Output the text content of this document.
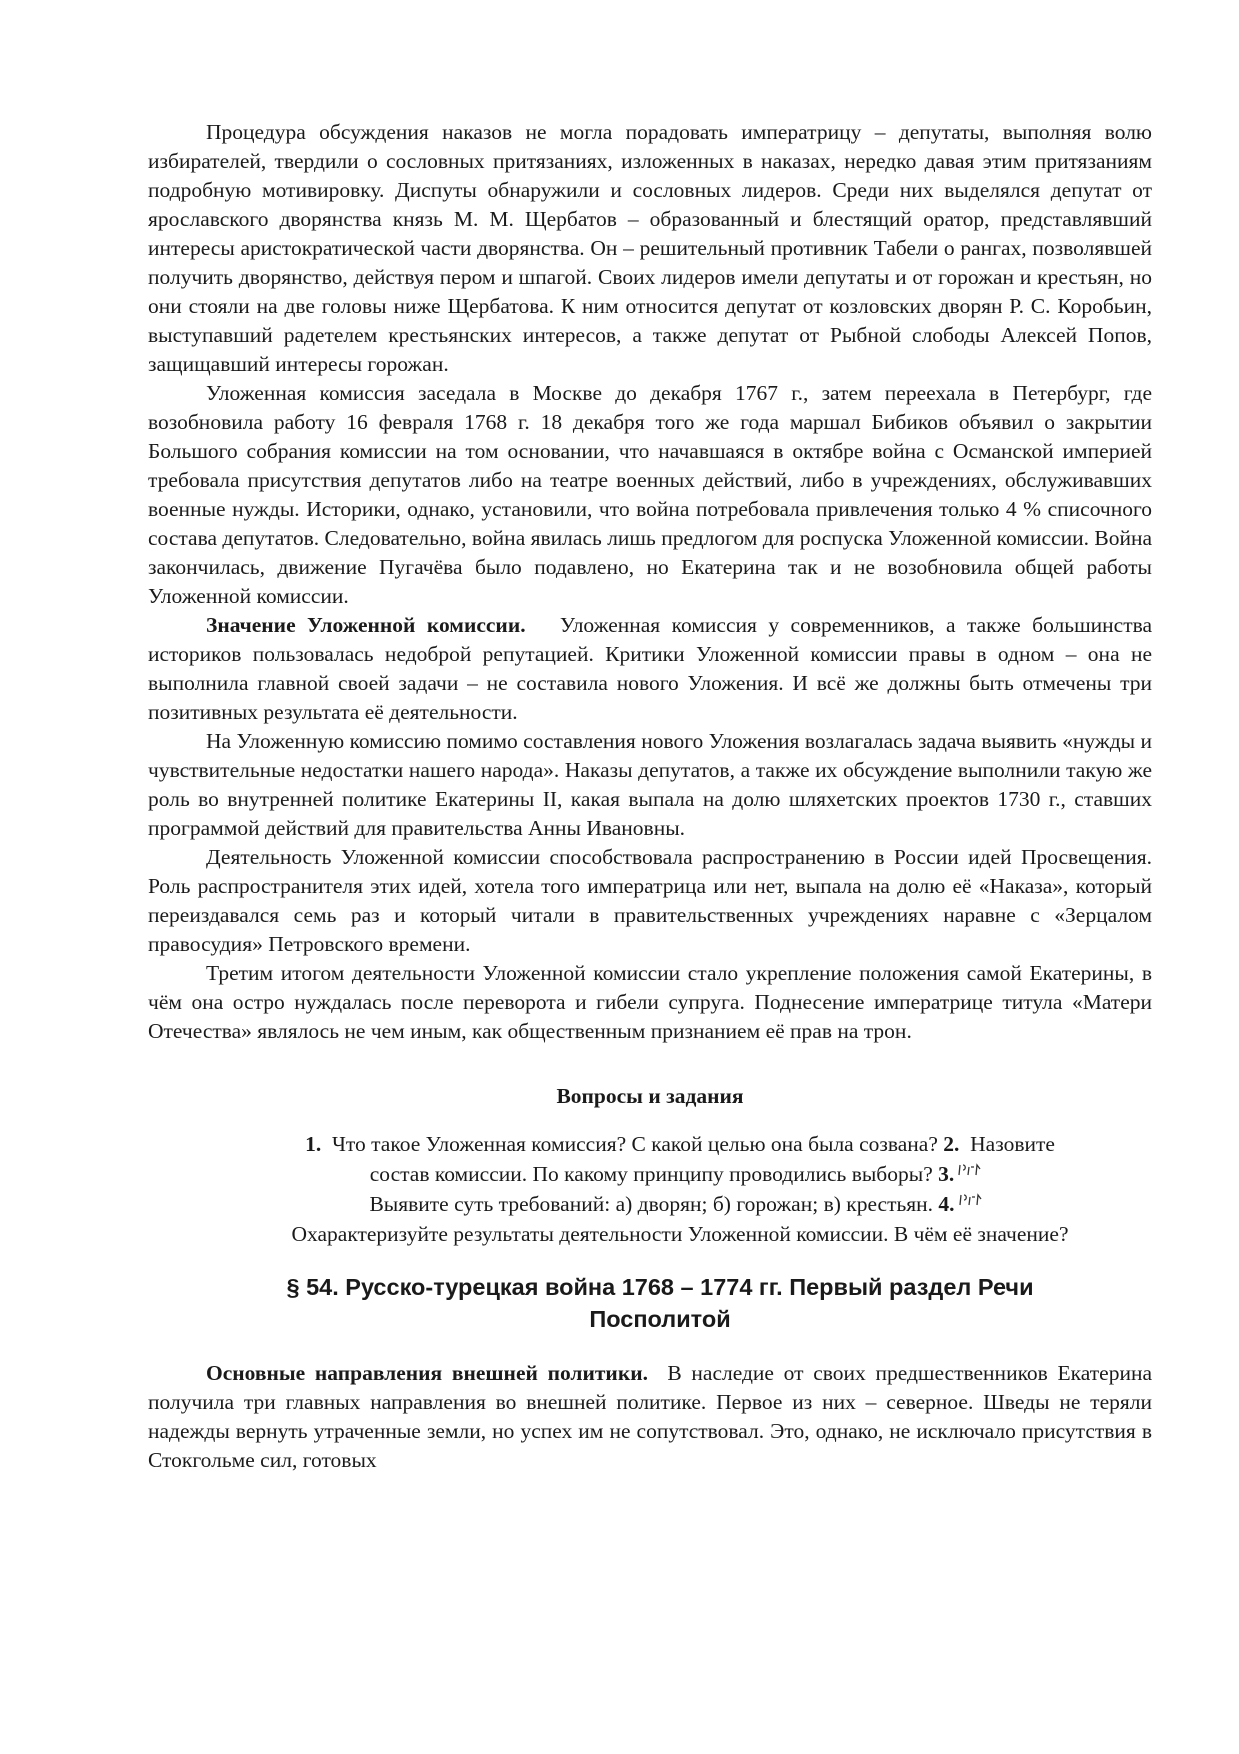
Процедура обсуждения наказов не могла порадовать императрицу – депутаты, выполняя волю избирателей, твердили о сословных притязаниях, изложенных в наказах, нередко давая этим притязаниям подробную мотивировку. Диспуты обнаружили и сословных лидеров. Среди них выделялся депутат от ярославского дворянства князь М. М. Щербатов – образованный и блестящий оратор, представлявший интересы аристократической части дворянства. Он – решительный противник Табели о рангах, позволявшей получить дворянство, действуя пером и шпагой. Своих лидеров имели депутаты и от горожан и крестьян, но они стояли на две головы ниже Щербатова. К ним относится депутат от козловских дворян Р. С. Коробьин, выступавший радетелем крестьянских интересов, а также депутат от Рыбной слободы Алексей Попов, защищавший интересы горожан.

Уложенная комиссия заседала в Москве до декабря 1767 г., затем переехала в Петербург, где возобновила работу 16 февраля 1768 г. 18 декабря того же года маршал Бибиков объявил о закрытии Большого собрания комиссии на том основании, что начавшаяся в октябре война с Османской империей требовала присутствия депутатов либо на театре военных действий, либо в учреждениях, обслуживавших военные нужды. Историки, однако, установили, что война потребовала привлечения только 4 % списочного состава депутатов. Следовательно, война явилась лишь предлогом для роспуска Уложенной комиссии. Война закончилась, движение Пугачёва было подавлено, но Екатерина так и не возобновила общей работы Уложенной комиссии.

Значение Уложенной комиссии. Уложенная комиссия у современников, а также большинства историков пользовалась недоброй репутацией. Критики Уложенной комиссии правы в одном – она не выполнила главной своей задачи – не составила нового Уложения. И всё же должны быть отмечены три позитивных результата её деятельности.

На Уложенную комиссию помимо составления нового Уложения возлагалась задача выявить «нужды и чувствительные недостатки нашего народа». Наказы депутатов, а также их обсуждение выполнили такую же роль во внутренней политике Екатерины II, какая выпала на долю шляхетских проектов 1730 г., ставших программой действий для правительства Анны Ивановны.

Деятельность Уложенной комиссии способствовала распространению в России идей Просвещения. Роль распространителя этих идей, хотела того императрица или нет, выпала на долю её «Наказа», который переиздавался семь раз и который читали в правительственных учреждениях наравне с «Зерцалом правосудия» Петровского времени.

Третим итогом деятельности Уложенной комиссии стало укрепление положения самой Екатерины, в чём она остро нуждалась после переворота и гибели супруга. Поднесение императрице титула «Матери Отечества» являлось не чем иным, как общественным признанием её прав на трон.

Вопросы и задания
1. Что такое Уложенная комиссия? С какой целью она была созвана? 2. Назовите
состав комиссии. По какому принципу проводились выборы? 3.
Выявите суть требований: а) дворян; б) горожан; в) крестьян. 4.
Охарактеризуйте результаты деятельности Уложенной комиссии. В чём её значение?
§ 54. Русско-турецкая война 1768 – 1774 гг. Первый раздел Речи
Посполитой

Основные направления внешней политики. В наследие от своих предшественников Екатерина получила три главных направления во внешней политике. Первое из них – северное. Шведы не теряли надежды вернуть утраченные земли, но успех им не сопутствовал. Это, однако, не исключало присутствия в Стокгольме сил, готовых
